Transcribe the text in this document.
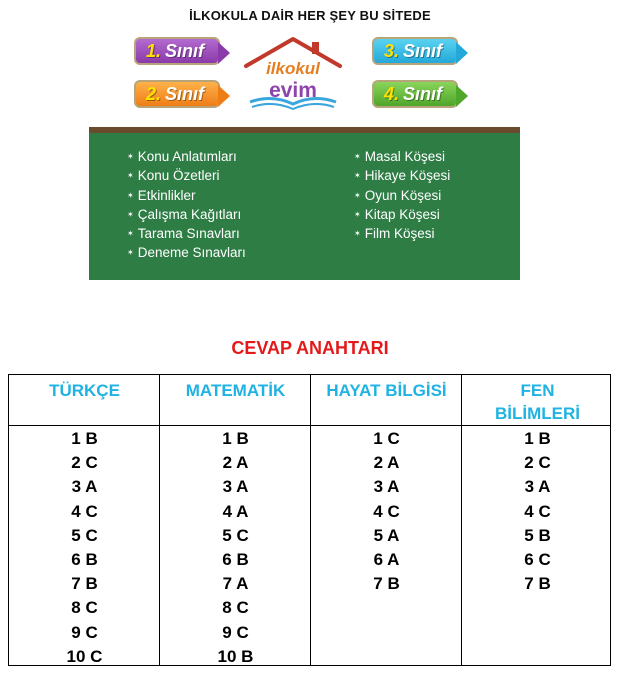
İLKOKULA DAİR HER ŞEY BU SİTEDE
1. Sınıf
2. Sınıf
3. Sınıf
4. Sınıf
ilkokul
evim
✶ Konu Anlatımları
✶ Konu Özetleri
✶ Etkinlikler
✶ Çalışma Kağıtları
✶ Tarama Sınavları
✶ Deneme Sınavları
✶ Masal Köşesi
✶ Hikaye Köşesi
✶ Oyun Köşesi
✶ Kitap Köşesi
✶ Film Köşesi
CEVAP ANAHTARI
TÜRKÇE
1 B
2 C
3 A
4 C
5 C
6 B
7 B
8 C
9 C
10 C
MATEMATİK
1 B
2 A
3 A
4 A
5 C
6 B
7 A
8 C
9 C
10 B
HAYAT BİLGİSİ
1 C
2 A
3 A
4 C
5 A
6 A
7 B
FEN
BİLİMLERİ
1 B
2 C
3 A
4 C
5 B
6 C
7 B
